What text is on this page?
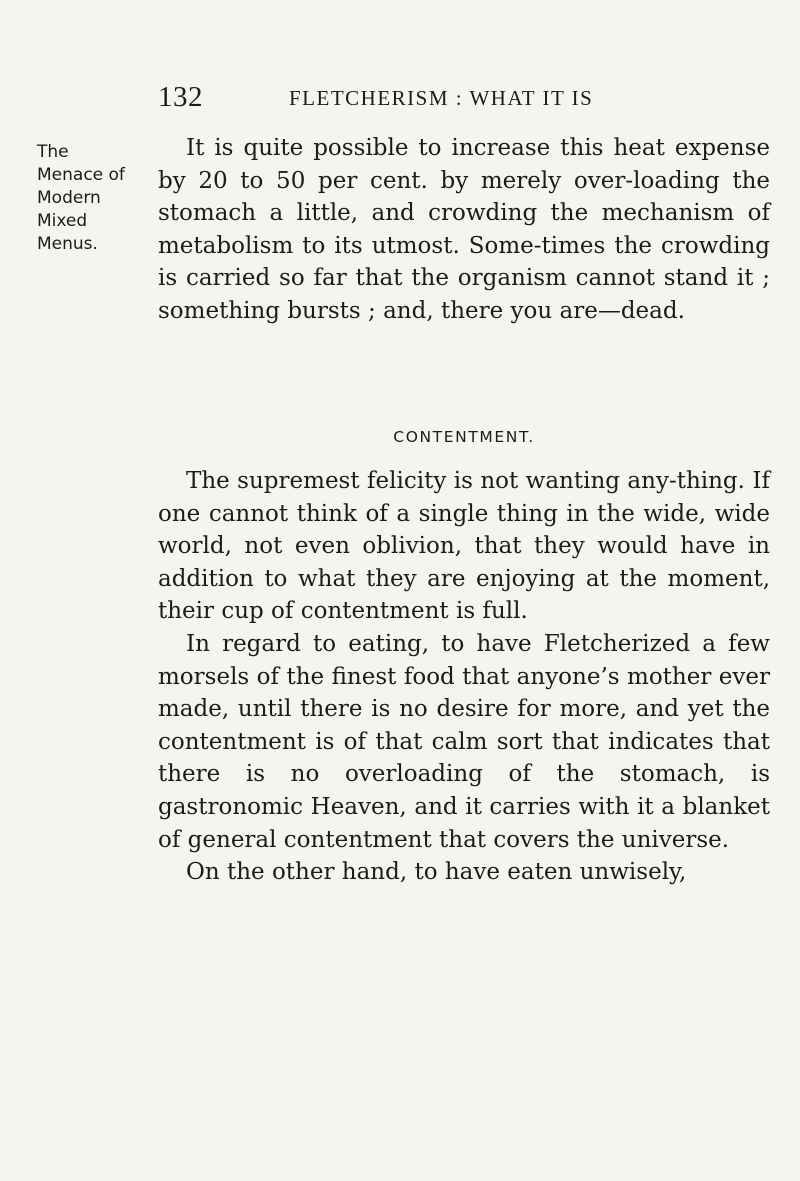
132	FLETCHERISM : WHAT IT IS
The
Menace of
Modern
Mixed
Menus.

It is quite possible to increase this heat expense by 20 to 50 per cent. by merely over-loading the stomach a little, and crowding the mechanism of metabolism to its utmost. Some-times the crowding is carried so far that the organism cannot stand it ; something bursts ; and, there you are—dead.

CONTENTMENT.

The supremest felicity is not wanting any-thing. If one cannot think of a single thing in the wide, wide world, not even oblivion, that they would have in addition to what they are enjoying at the moment, their cup of contentment is full.

In regard to eating, to have Fletcherized a few morsels of the finest food that anyone’s mother ever made, until there is no desire for more, and yet the contentment is of that calm sort that indicates that there is no overloading of the stomach, is gastronomic Heaven, and it carries with it a blanket of general contentment that covers the universe.

On the other hand, to have eaten unwisely,
